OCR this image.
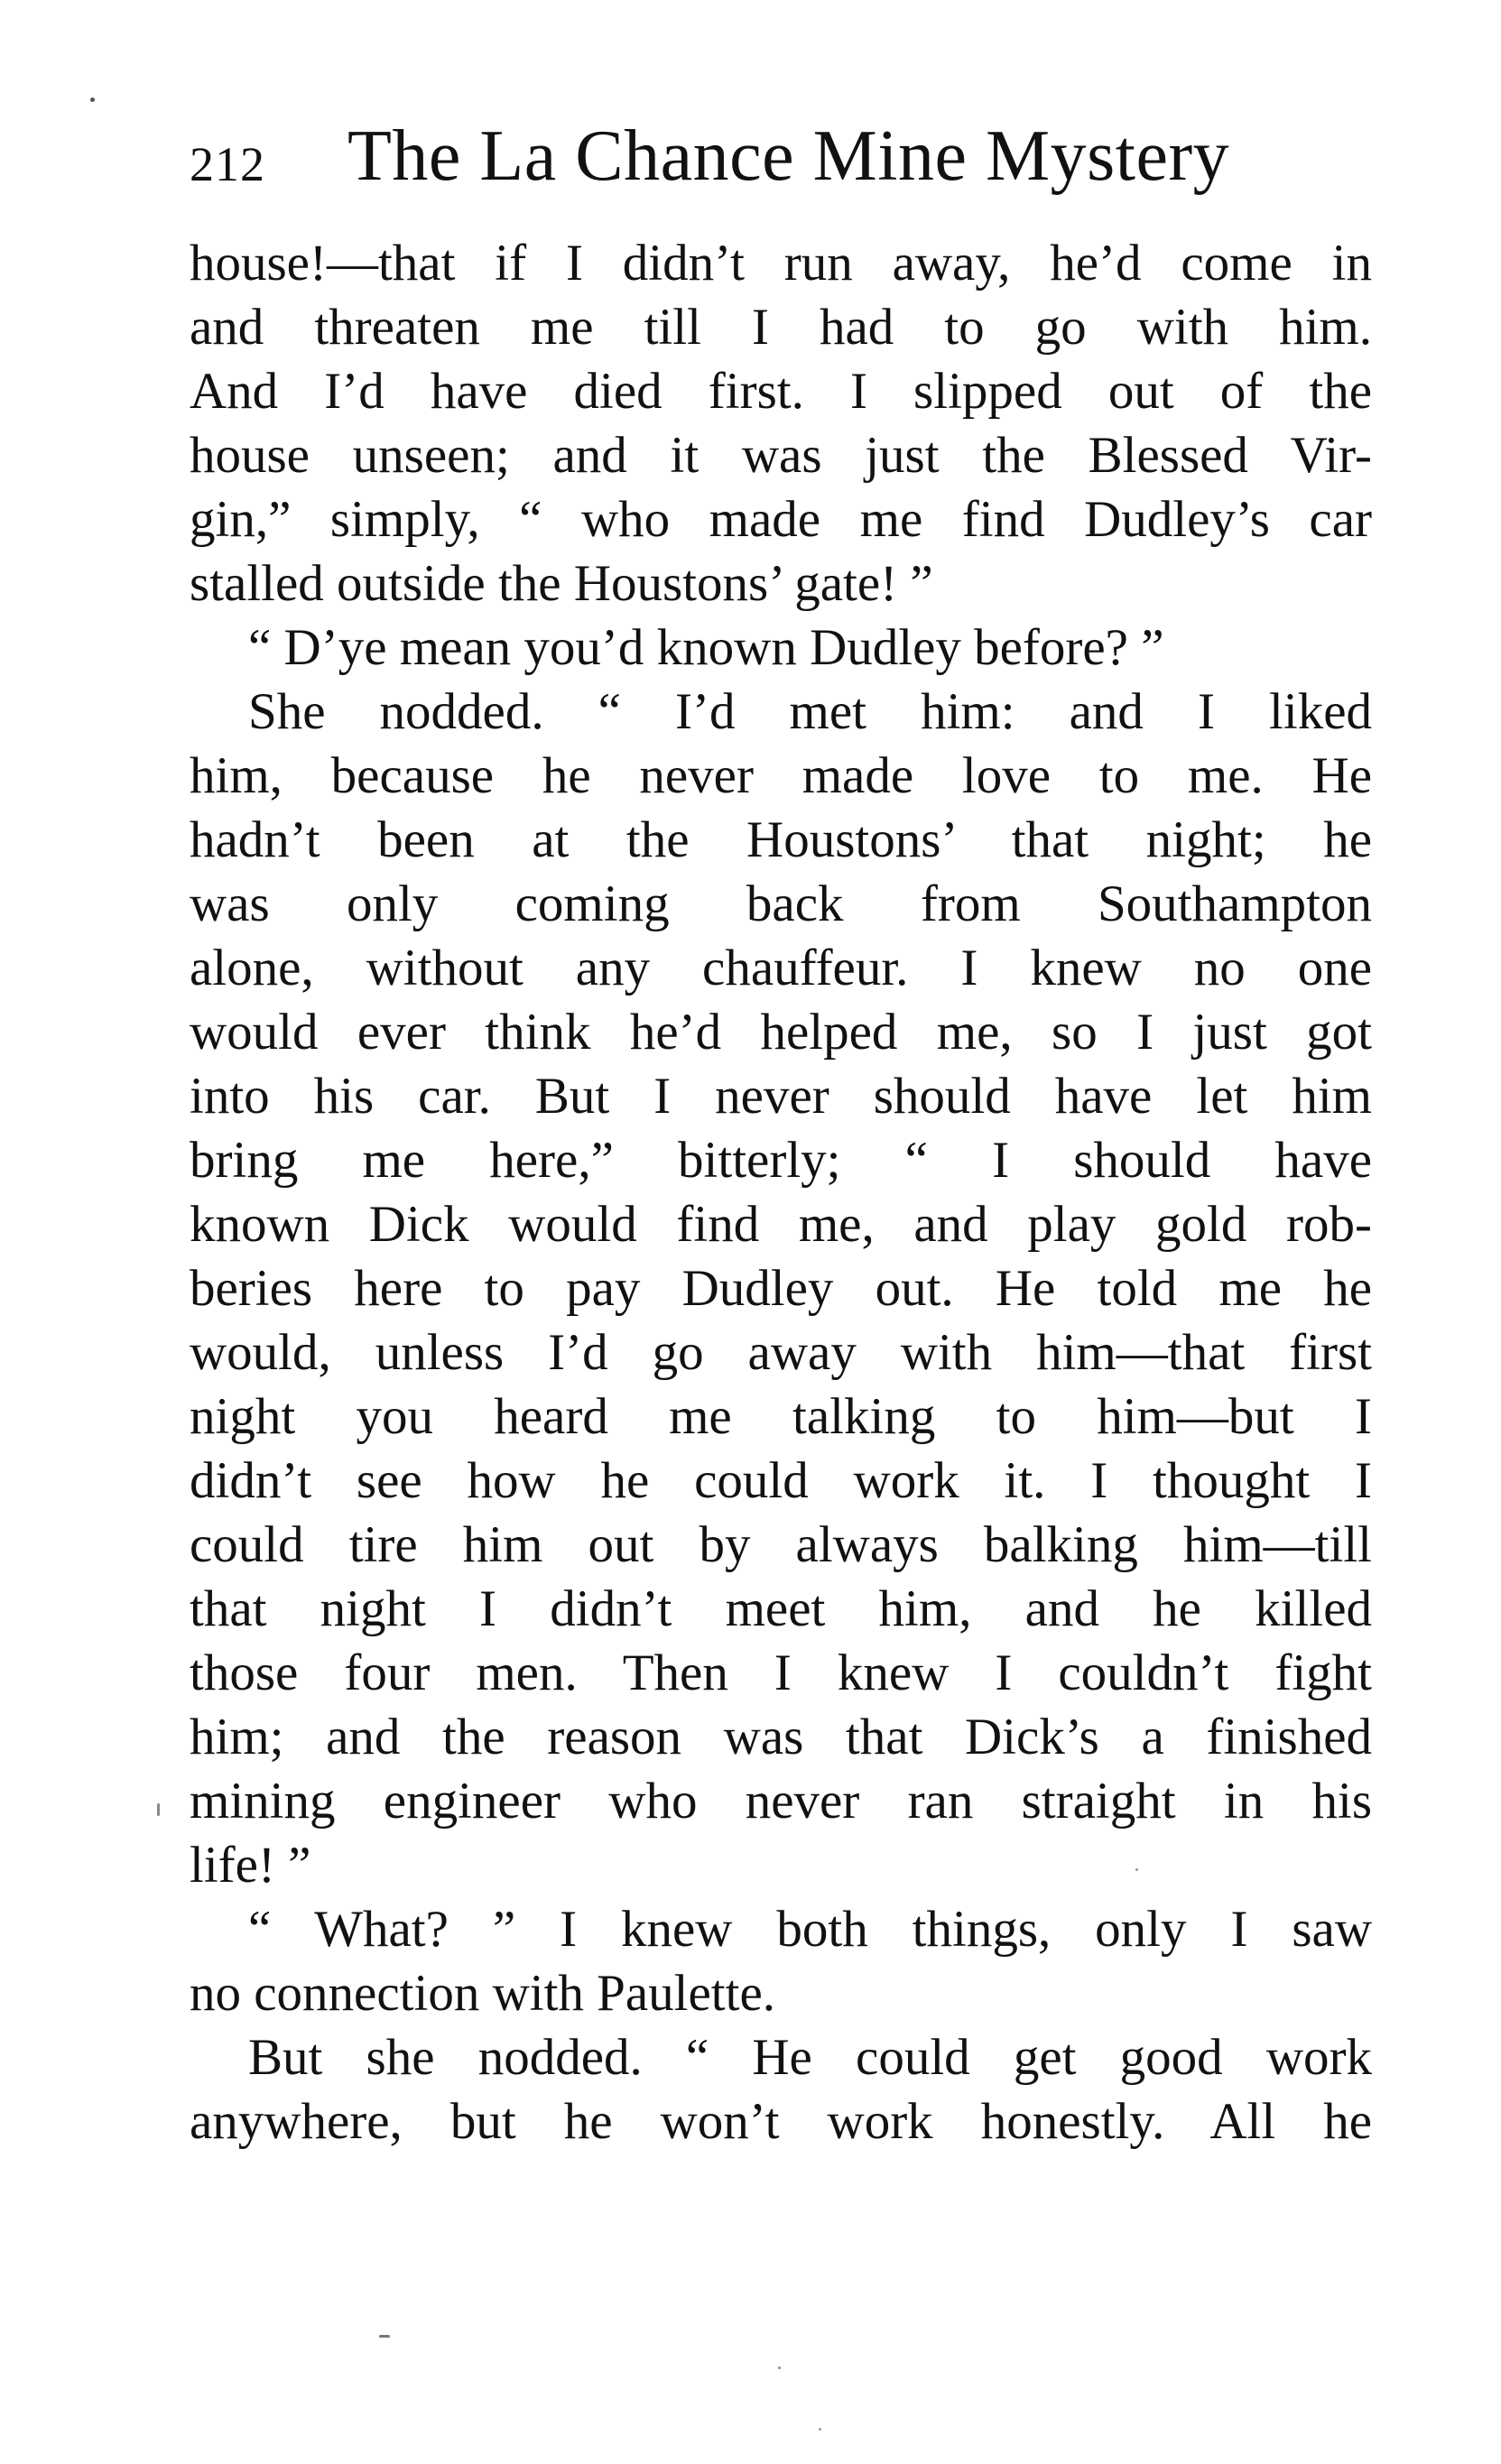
212 The La Chance Mine Mystery
house!—that if I didn’t run away, he’d come in
and threaten me till I had to go with him.
And I’d have died first. I slipped out of the
house unseen; and it was just the Blessed Vir-
gin,” simply, “ who made me find Dudley’s car
stalled outside the Houstons’ gate! ”
“ D’ye mean you’d known Dudley before? ”
She nodded. “ I’d met him: and I liked
him, because he never made love to me. He
hadn’t been at the Houstons’ that night; he
was only coming back from Southampton
alone, without any chauffeur. I knew no one
would ever think he’d helped me, so I just got
into his car. But I never should have let him
bring me here,” bitterly; “ I should have
known Dick would find me, and play gold rob-
beries here to pay Dudley out. He told me he
would, unless I’d go away with him—that first
night you heard me talking to him—but I
didn’t see how he could work it. I thought I
could tire him out by always balking him—till
that night I didn’t meet him, and he killed
those four men. Then I knew I couldn’t fight
him; and the reason was that Dick’s a finished
mining engineer who never ran straight in his
life! ”
“ What? ” I knew both things, only I saw
no connection with Paulette.
But she nodded. “ He could get good work
anywhere, but he won’t work honestly. All he
